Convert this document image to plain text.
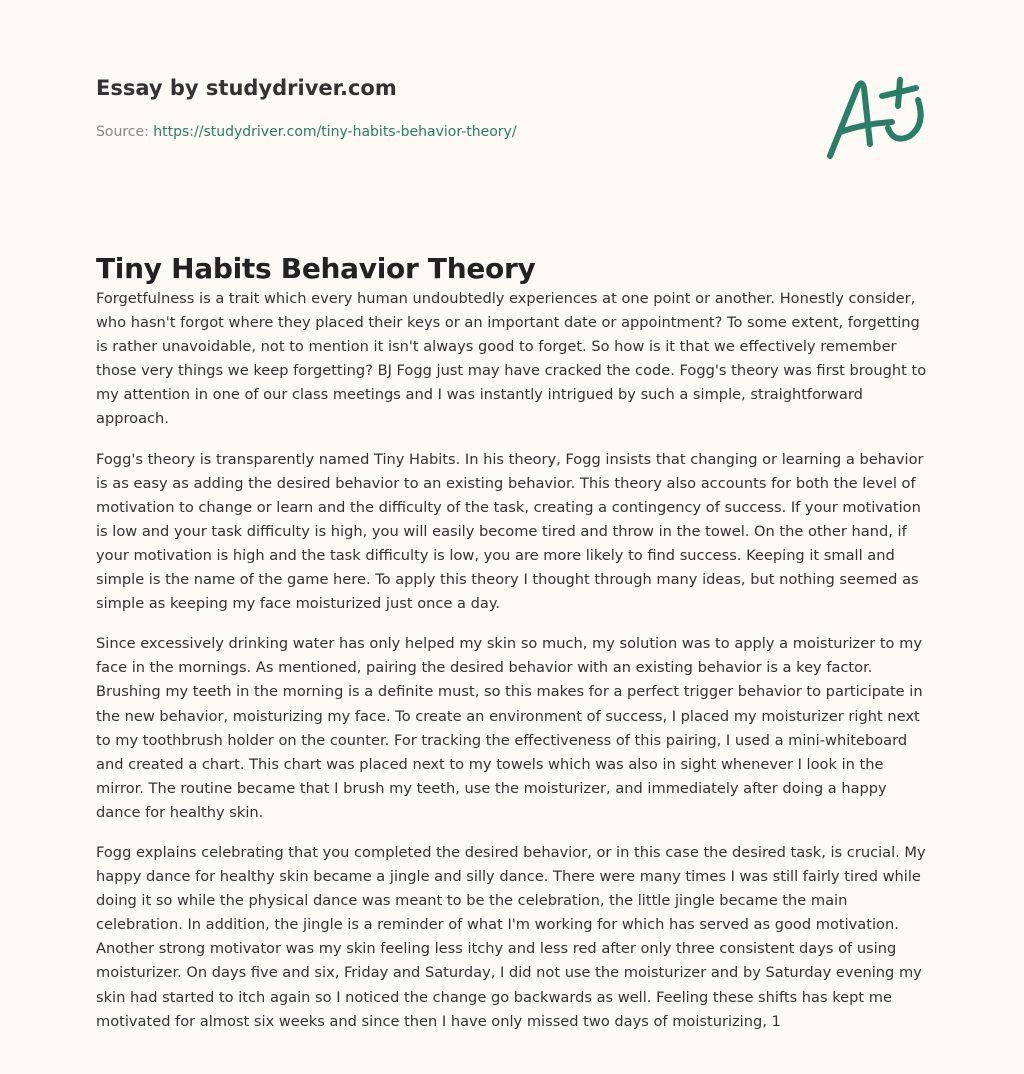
Essay by studydriver.com

Source: https://studydriver.com/tiny-habits-behavior-theory/
Tiny Habits Behavior Theory

Forgetfulness is a trait which every human undoubtedly experiences at one point or another. Honestly consider, who hasn't forgot where they placed their keys or an important date or appointment? To some extent, forgetting is rather unavoidable, not to mention it isn't always good to forget. So how is it that we effectively remember those very things we keep forgetting? BJ Fogg just may have cracked the code. Fogg's theory was first brought to my attention in one of our class meetings and I was instantly intrigued by such a simple, straightforward approach.

Fogg's theory is transparently named Tiny Habits. In his theory, Fogg insists that changing or learning a behavior is as easy as adding the desired behavior to an existing behavior. This theory also accounts for both the level of motivation to change or learn and the difficulty of the task, creating a contingency of success. If your motivation is low and your task difficulty is high, you will easily become tired and throw in the towel. On the other hand, if your motivation is high and the task difficulty is low, you are more likely to find success. Keeping it small and simple is the name of the game here. To apply this theory I thought through many ideas, but nothing seemed as simple as keeping my face moisturized just once a day.

Since excessively drinking water has only helped my skin so much, my solution was to apply a moisturizer to my face in the mornings. As mentioned, pairing the desired behavior with an existing behavior is a key factor. Brushing my teeth in the morning is a definite must, so this makes for a perfect trigger behavior to participate in the new behavior, moisturizing my face. To create an environment of success, I placed my moisturizer right next to my toothbrush holder on the counter. For tracking the effectiveness of this pairing, I used a mini-whiteboard and created a chart. This chart was placed next to my towels which was also in sight whenever I look in the mirror. The routine became that I brush my teeth, use the moisturizer, and immediately after doing a happy dance for healthy skin.

Fogg explains celebrating that you completed the desired behavior, or in this case the desired task, is crucial. My happy dance for healthy skin became a jingle and silly dance. There were many times I was still fairly tired while doing it so while the physical dance was meant to be the celebration, the little jingle became the main celebration. In addition, the jingle is a reminder of what I'm working for which has served as good motivation. Another strong motivator was my skin feeling less itchy and less red after only three consistent days of using moisturizer. On days five and six, Friday and Saturday, I did not use the moisturizer and by Saturday evening my skin had started to itch again so I noticed the change go backwards as well. Feeling these shifts has kept me motivated for almost six weeks and since then I have only missed two days of moisturizing, 1
